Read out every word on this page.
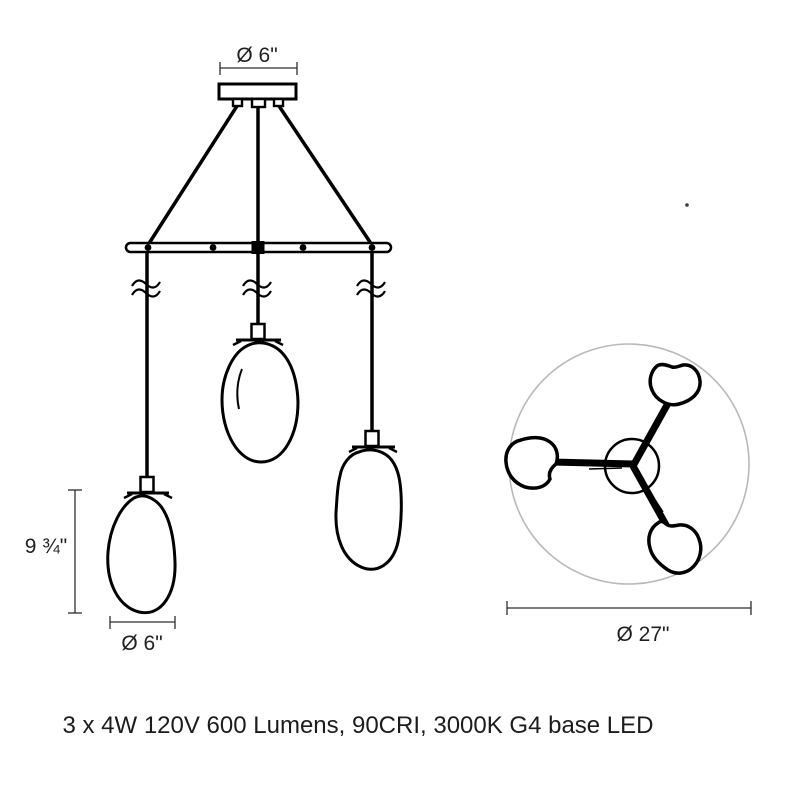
Ø 6"
9 ¾"
Ø 6"	Ø 27"
3 x 4W 120V 600 Lumens, 90CRI, 3000K G4 base LED
